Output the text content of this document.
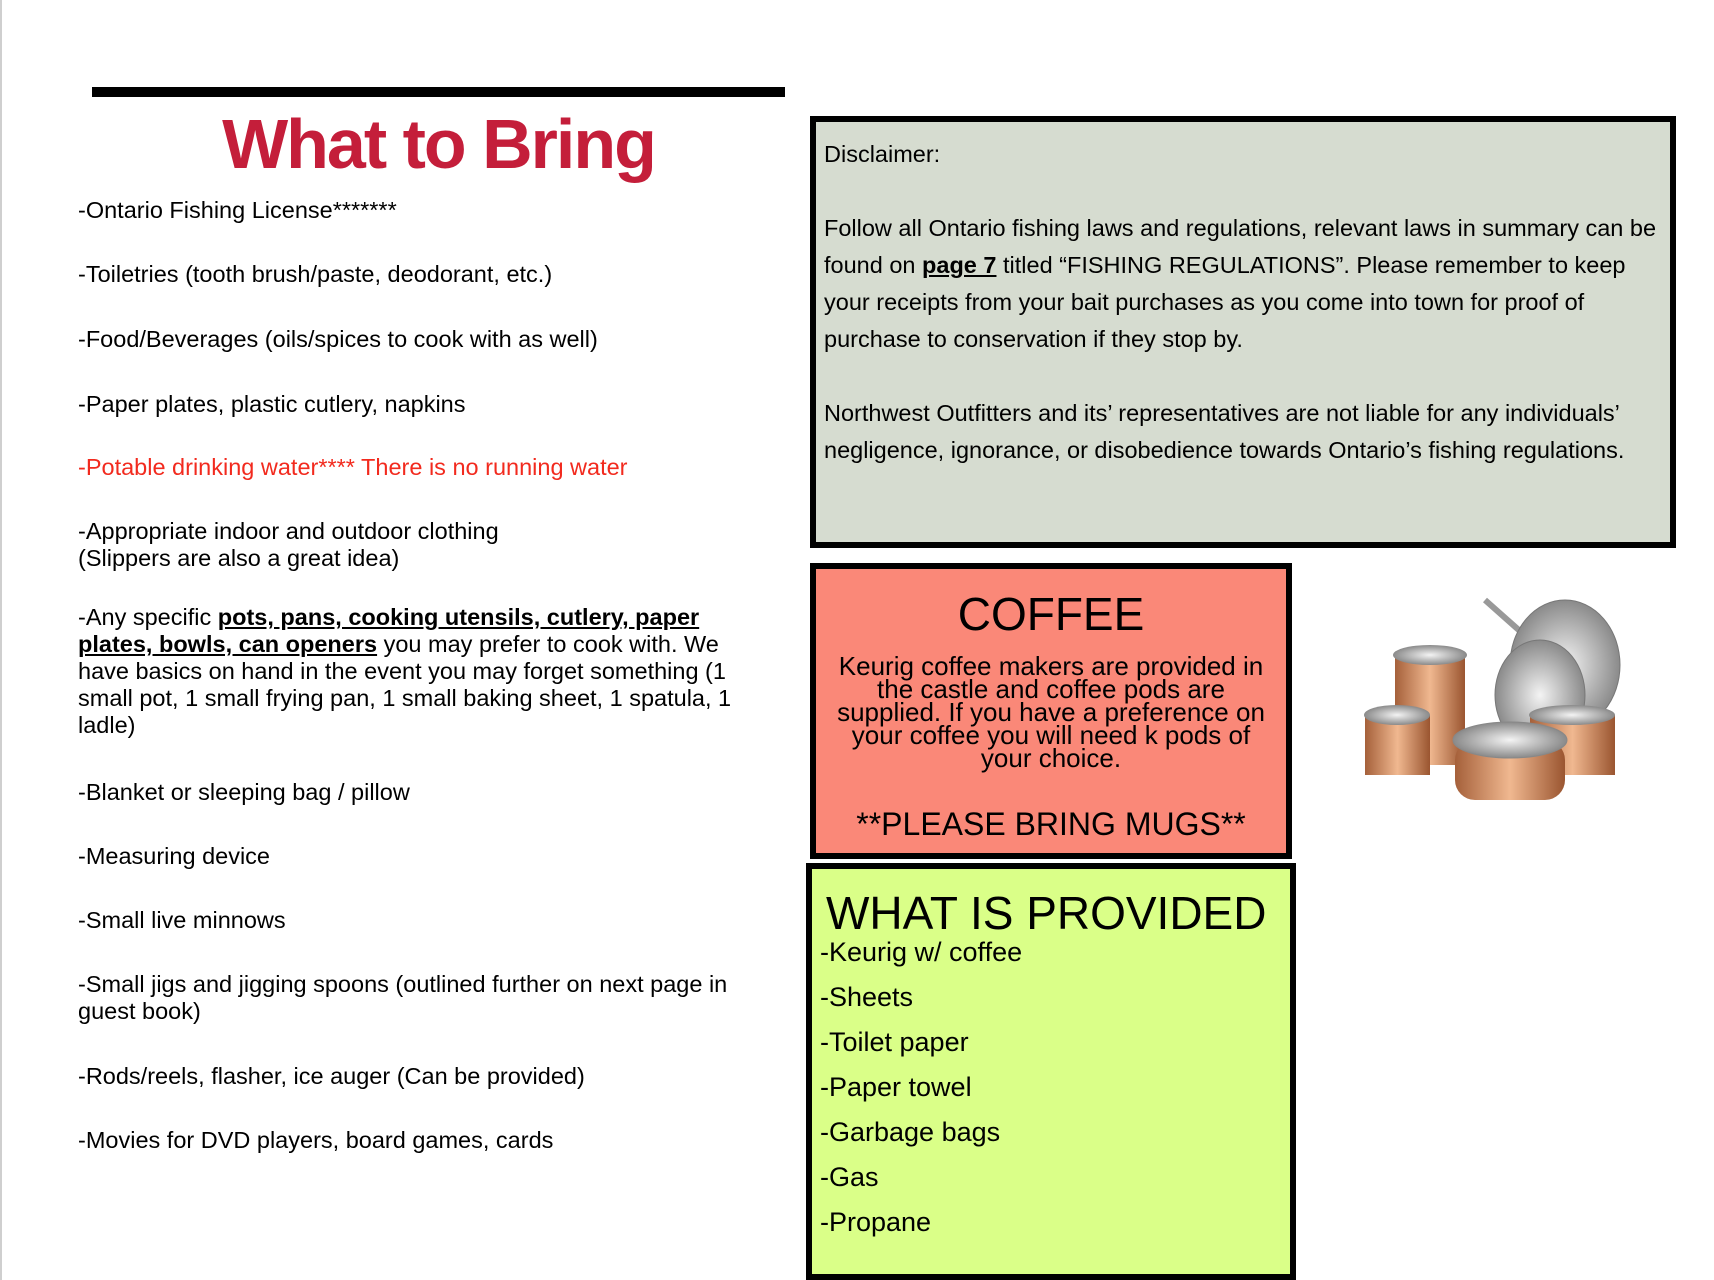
What to Bring
-Ontario Fishing License*******
-Toiletries (tooth brush/paste, deodorant, etc.)
-Food/Beverages (oils/spices to cook with as well)
-Paper plates, plastic cutlery, napkins
-Potable drinking water**** There is no running water
-Appropriate indoor and outdoor clothing
(Slippers are also a great idea)
-Any specific pots, pans, cooking utensils, cutlery, paper plates, bowls, can openers you may prefer to cook with. We have basics on hand in the event you may forget something (1 small pot, 1 small frying pan, 1 small baking sheet, 1 spatula, 1 ladle)
-Blanket or sleeping bag / pillow
-Measuring device
-Small live minnows
-Small jigs and jigging spoons (outlined further on next page in guest book)
-Rods/reels, flasher, ice auger (Can be provided)
-Movies for DVD players, board games, cards

Disclaimer:

Follow all Ontario fishing laws and regulations, relevant laws in summary can be found on page 7 titled “FISHING REGULATIONS”. Please remember to keep your receipts from your bait purchases as you come into town for proof of purchase to conservation if they stop by.

Northwest Outfitters and its’ representatives are not liable for any individuals’ negligence, ignorance, or disobedience towards Ontario’s fishing regulations.

COFFEE
Keurig coffee makers are provided in the castle and coffee pods are supplied. If you have a preference on your coffee you will need k pods of your choice.
**PLEASE BRING MUGS**
WHAT IS PROVIDED
-Keurig w/ coffee
-Sheets
-Toilet paper
-Paper towel
-Garbage bags
-Gas
-Propane
